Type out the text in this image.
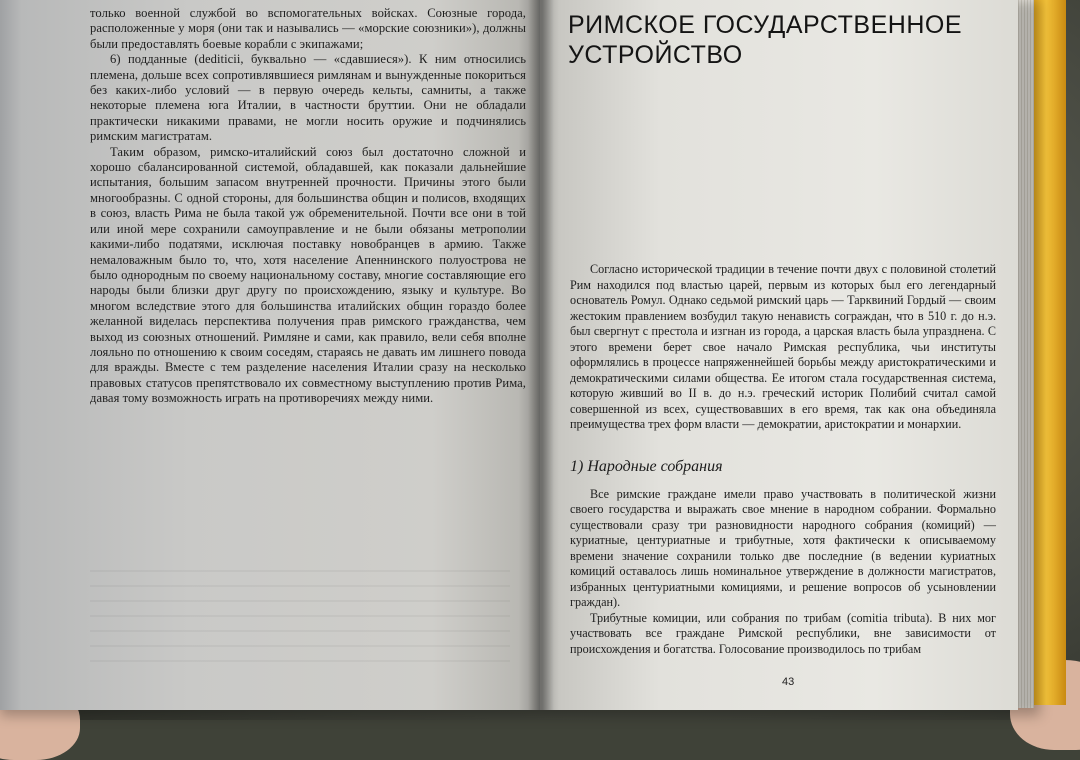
только военной службой во вспомогательных войсках. Союзные города, расположенные у моря (они так и назывались — «морские союзники»), должны были предоставлять боевые корабли с экипажами;

6) подданные (dediticii, буквально — «сдавшиеся»). К ним относились племена, дольше всех сопротивлявшиеся римлянам и вынужденные покориться без каких-либо условий — в первую очередь кельты, самниты, а также некоторые племена юга Италии, в частности бруттии. Они не обладали практически никакими правами, не могли носить оружие и подчинялись римским магистратам.

Таким образом, римско-италийский союз был достаточно сложной и хорошо сбалансированной системой, обладавшей, как показали дальнейшие испытания, большим запасом внутренней прочности. Причины этого были многообразны. С одной стороны, для большинства общин и полисов, входящих в союз, власть Рима не была такой уж обременительной. Почти все они в той или иной мере сохранили самоуправление и не были обязаны метрополии какими-либо податями, исключая поставку новобранцев в армию. Также немаловажным было то, что, хотя население Апеннинского полуострова не было однородным по своему национальному составу, многие составляющие его народы были близки друг другу по происхождению, языку и культуре. Во многом вследствие этого для большинства италийских общин гораздо более желанной виделась перспектива получения прав римского гражданства, чем выход из союзных отношений. Римляне и сами, как правило, вели себя вполне лояльно по отношению к своим соседям, стараясь не давать им лишнего повода для вражды. Вместе с тем разделение населения Италии сразу на несколько правовых статусов препятствовало их совместному выступлению против Рима, давая тому возможность играть на противоречиях между ними.

РИМСКОЕ ГОСУДАРСТВЕННОЕ УСТРОЙСТВО

Согласно исторической традиции в течение почти двух с половиной столетий Рим находился под властью царей, первым из которых был его легендарный основатель Ромул. Однако седьмой римский царь — Тарквиний Гордый — своим жестоким правлением возбудил такую ненависть сограждан, что в 510 г. до н.э. был свергнут с престола и изгнан из города, а царская власть была упразднена. С этого времени берет свое начало Римская республика, чьи институты оформлялись в процессе напряженнейшей борьбы между аристократическими и демократическими силами общества. Ее итогом стала государственная система, которую живший во II в. до н.э. греческий историк Полибий считал самой совершенной из всех, существовавших в его время, так как она объединяла преимущества трех форм власти — демократии, аристократии и монархии.

1) Народные собрания

Все римские граждане имели право участвовать в политической жизни своего государства и выражать свое мнение в народном собрании. Формально существовали сразу три разновидности народного собрания (комиций) — куриатные, центуриатные и трибутные, хотя фактически к описываемому времени значение сохранили только две последние (в ведении куриатных комиций оставалось лишь номинальное утверждение в должности магистратов, избранных центуриатными комициями, и решение вопросов об усыновлении граждан).

Трибутные комиции, или собрания по трибам (comitia tributa). В них мог участвовать все граждане Римской республики, вне зависимости от происхождения и богатства. Голосование производилось по трибам

43
